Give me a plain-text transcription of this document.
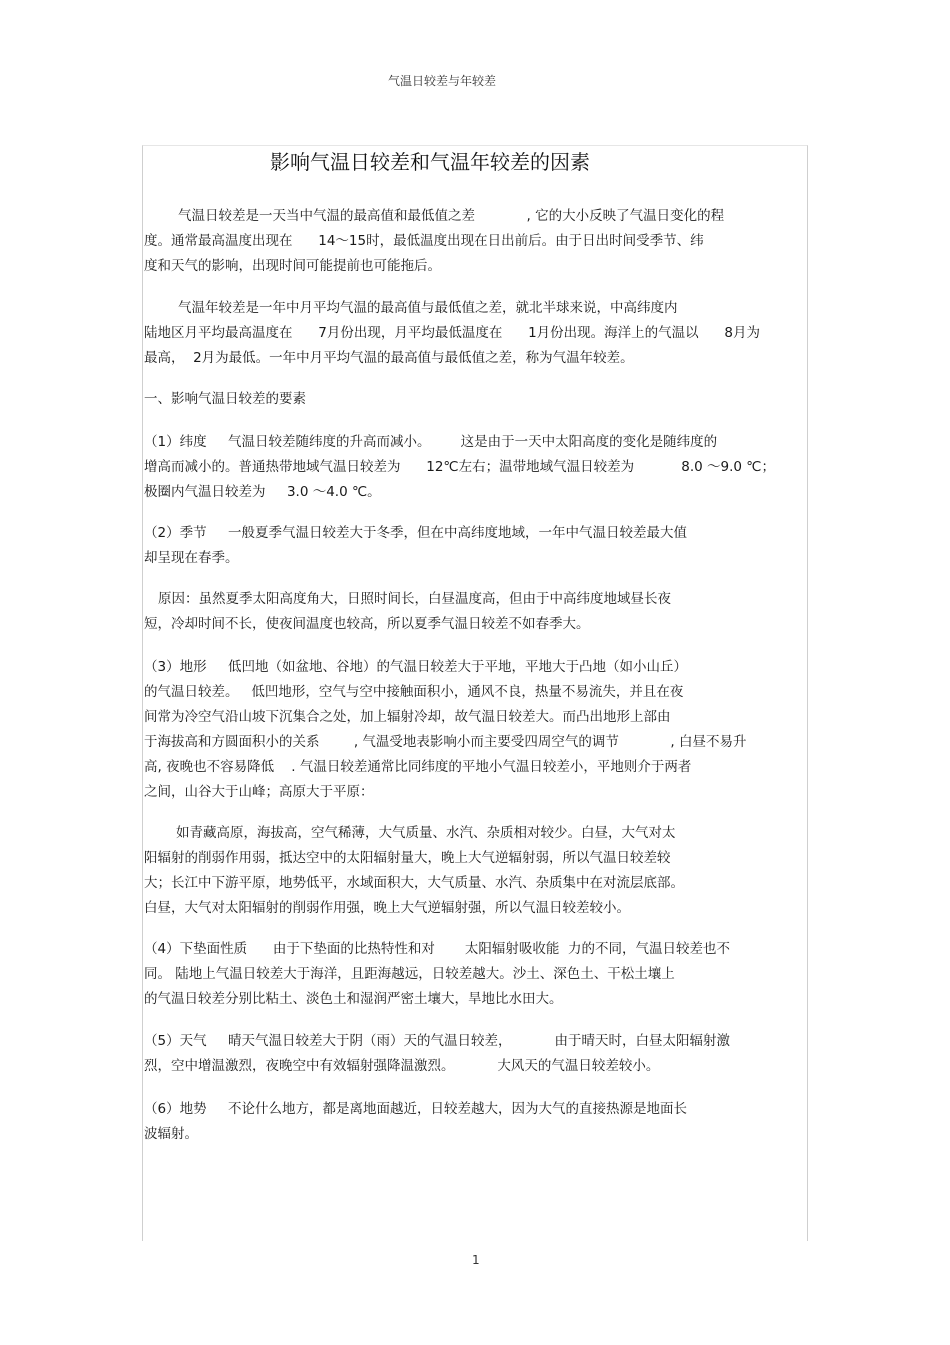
气温日较差与年较差
影响气温日较差和气温年较差的因素
气温日较差是一天当中气温的最高值和最低值之差            , 它的大小反映了气温日变化的程
度。通常最高温度出现在      14～15时，最低温度出现在日出前后。由于日出时间受季节、纬
度和天气的影响，出现时间可能提前也可能拖后。
气温年较差是一年中月平均气温的最高值与最低值之差，就北半球来说，中高纬度内
陆地区月平均最高温度在      7月份出现，月平均最低温度在      1月份出现。海洋上的气温以      8月为
最高，  2月为最低。一年中月平均气温的最高值与最低值之差，称为气温年较差。
一、影响气温日较差的要素
（1）纬度     气温日较差随纬度的升高而减小。       这是由于一天中太阳高度的变化是随纬度的
增高而减小的。普通热带地域气温日较差为      12℃左右；温带地域气温日较差为           8.0 ～9.0 ℃；
极圈内气温日较差为     3.0 ～4.0 ℃。
（2）季节     一般夏季气温日较差大于冬季，但在中高纬度地域，一年中气温日较差最大值
却呈现在春季。
原因：虽然夏季太阳高度角大，日照时间长，白昼温度高，但由于中高纬度地域昼长夜
短，冷却时间不长，使夜间温度也较高，所以夏季气温日较差不如春季大。
（3）地形     低凹地（如盆地、谷地）的气温日较差大于平地，平地大于凸地（如小山丘）
的气温日较差。   低凹地形，空气与空中接触面积小，通风不良，热量不易流失，并且在夜
间常为冷空气沿山坡下沉集合之处，加上辐射冷却，故气温日较差大。而凸出地形上部由
于海拔高和方圆面积小的关系        , 气温受地表影响小而主要受四周空气的调节            , 白昼不易升
高, 夜晚也不容易降低    . 气温日较差通常比同纬度的平地小气温日较差小，平地则介于两者
之间，山谷大于山峰；高原大于平原：
如青藏高原，海拔高，空气稀薄，大气质量、水汽、杂质相对较少。白昼，大气对太
阳辐射的削弱作用弱，抵达空中的太阳辐射量大，晚上大气逆辐射弱，所以气温日较差较
大；长江中下游平原，地势低平，水域面积大，大气质量、水汽、杂质集中在对流层底部。
白昼，大气对太阳辐射的削弱作用强，晚上大气逆辐射强，所以气温日较差较小。
（4）下垫面性质      由于下垫面的比热特性和对       太阳辐射吸收能  力的不同，气温日较差也不
同。 陆地上气温日较差大于海洋，且距海越远，日较差越大。沙土、深色土、干松土壤上
的气温日较差分别比粘土、淡色土和湿润严密土壤大，旱地比水田大。
（5）天气     晴天气温日较差大于阴（雨）天的气温日较差，          由于晴天时，白昼太阳辐射激
烈，空中增温激烈，夜晚空中有效辐射强降温激烈。          大风天的气温日较差较小。
（6）地势     不论什么地方，都是离地面越近，日较差越大，因为大气的直接热源是地面长
波辐射。
1
